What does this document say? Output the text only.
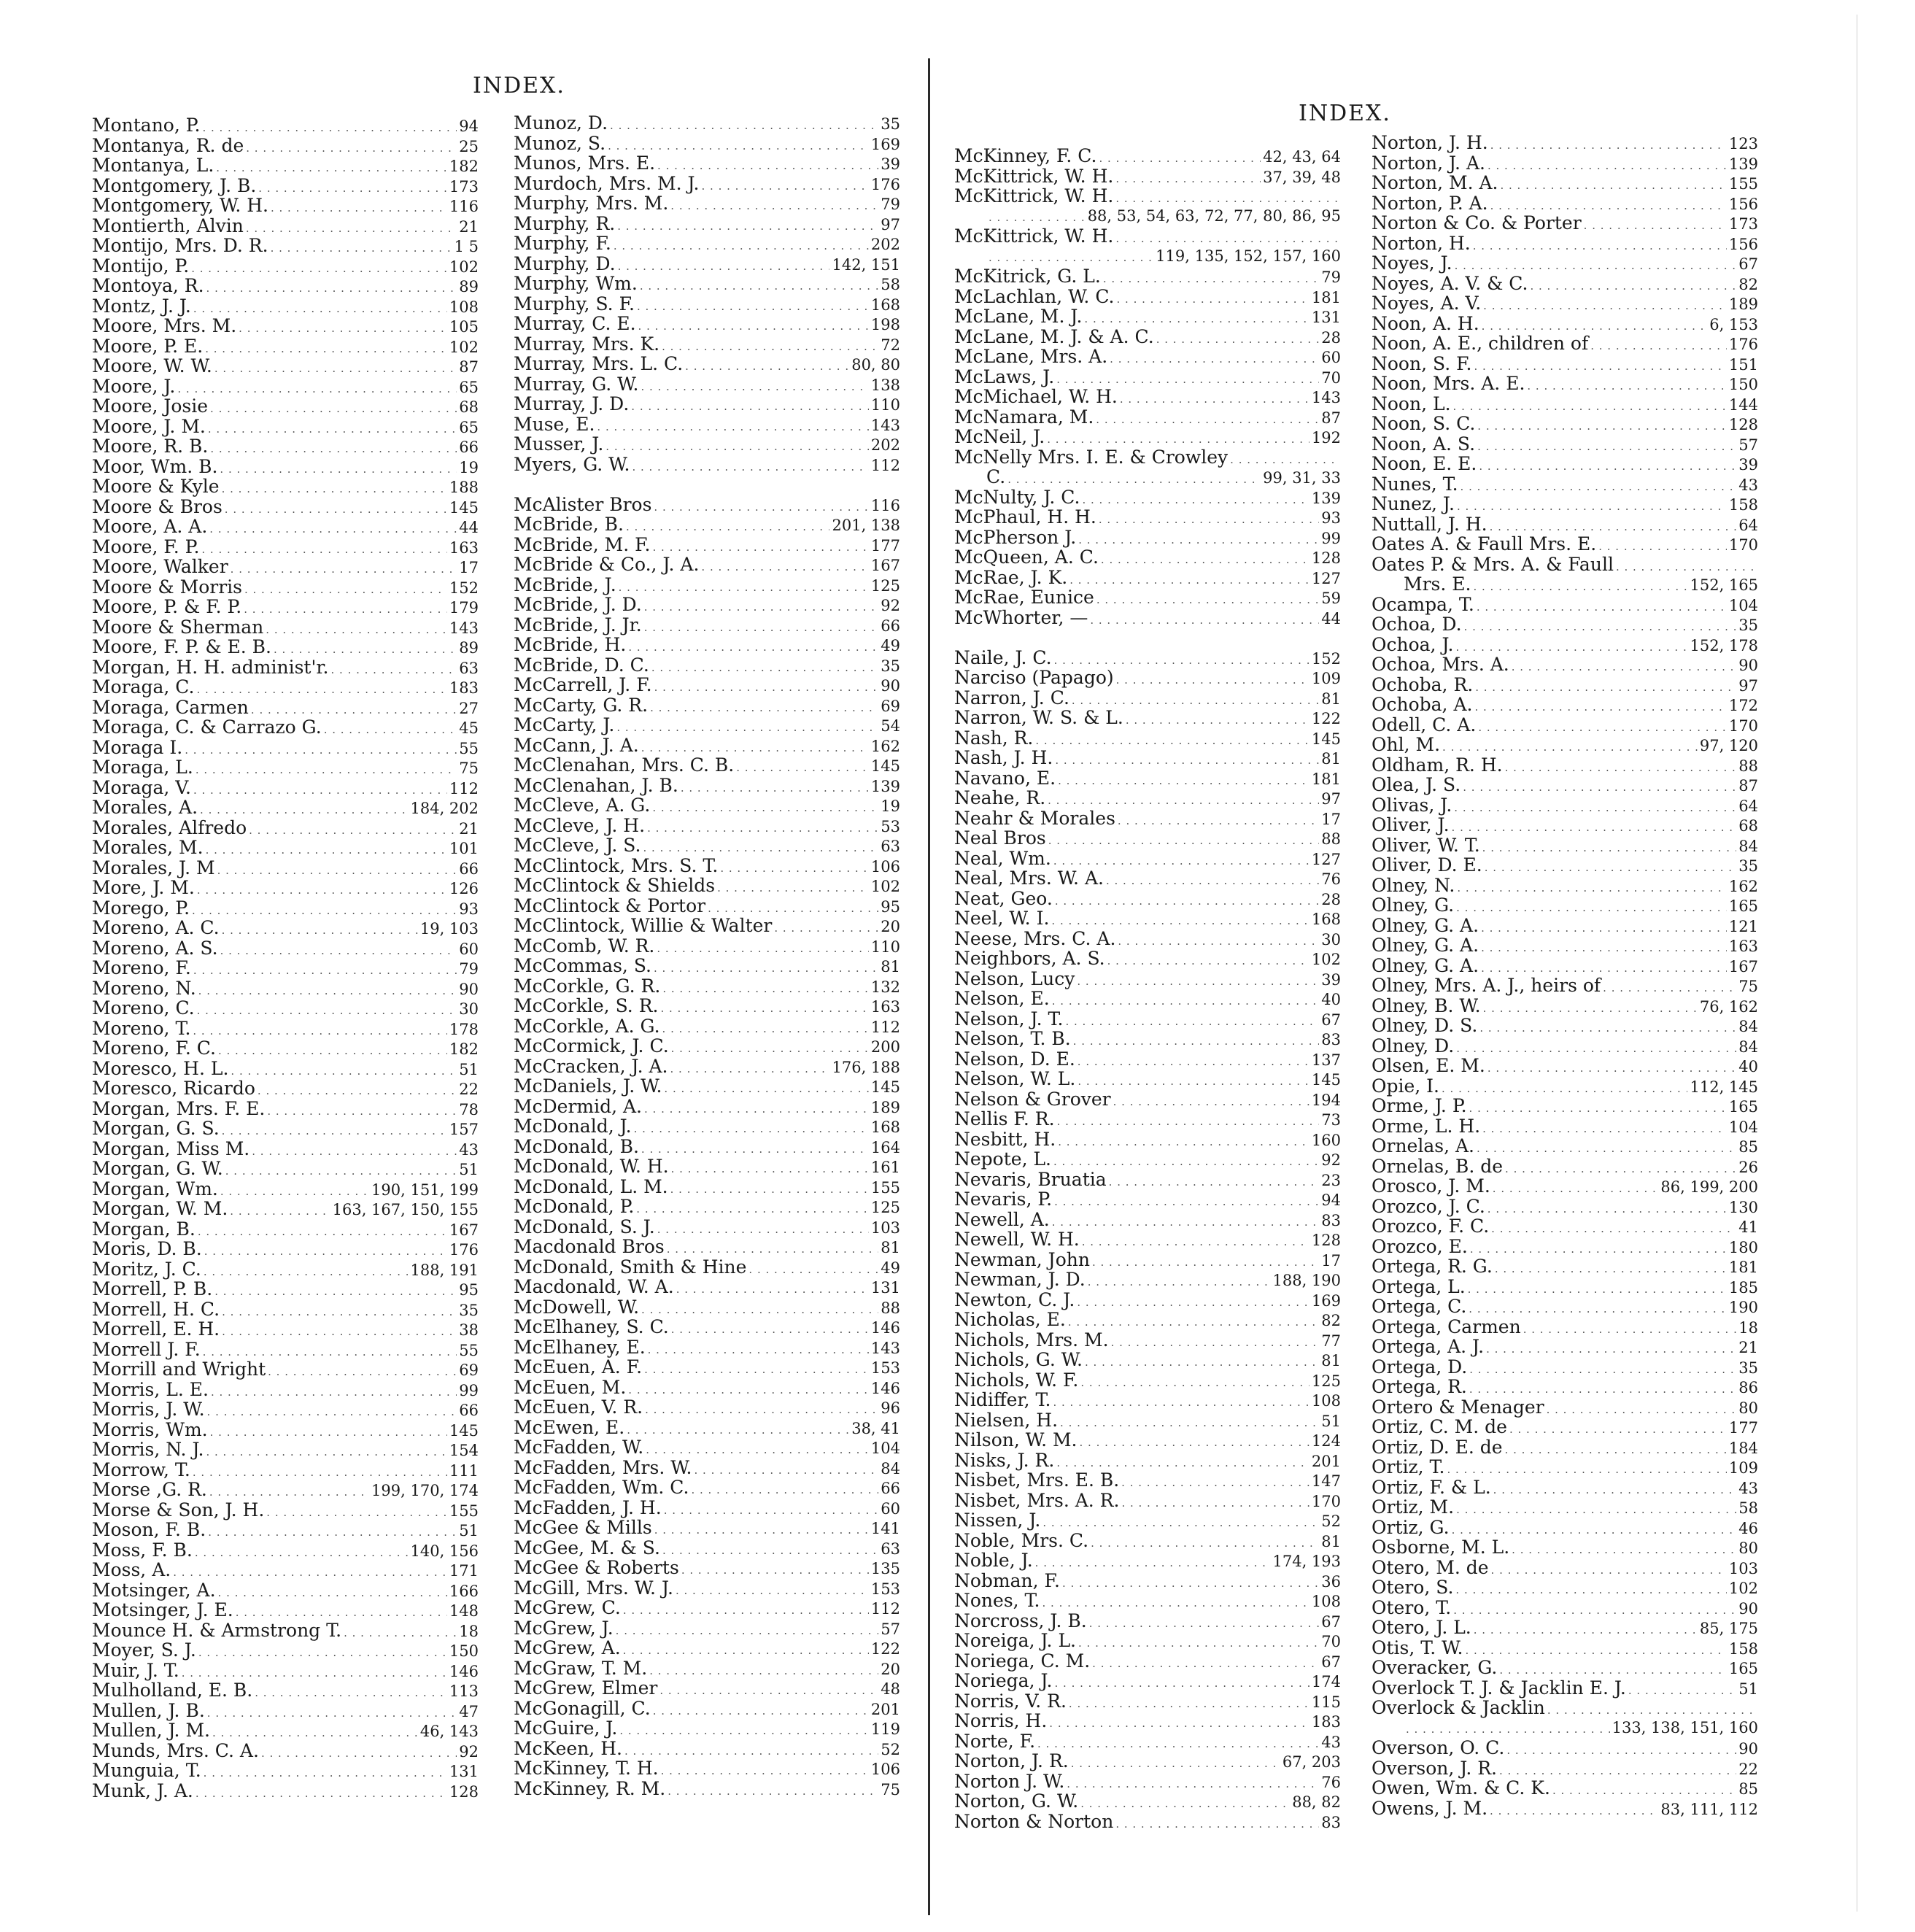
INDEX.
Montano, P. . . .	94
Montanya, R. de . . .	25
Montanya, L. . . .	182
Montgomery, J. B. . . .	173
Montgomery, W. H. . . .	116
Montierth, Alvin . . .	21
Montijo, Mrs. D. R. . . .	1 5
Montijo, P. . . .	102
Montoya, R. . . .	89
Montz, J. J. . . .	108
Moore, Mrs. M. . . .	105
Moore, P. E. . . .	102
Moore, W. W. . . .	87
Moore, J. . . .	65
Moore, Josie . . .	68
Moore, J. M. . . .	65
Moore, R. B. . . .	66
Moor, Wm. B. . . .	19
Moore & Kyle . . .	188
Moore & Bros . . .	145
Moore, A. A. . . .	44
Moore, F. P. . . .	163
Moore, Walker . . .	17
Moore & Morris . . .	152
Moore, P. & F. P. . . .	179
Moore & Sherman . . .	143
Moore, F. P. & E. B. . . .	89
Morgan, H. H. administ'r. . . .	63
Moraga, C. . . .	183
Moraga, Carmen . . .	27
Moraga, C. & Carrazo G. . . .	45
Moraga I. . . .	55
Moraga, L. . . .	75
Moraga, V. . . .	112
Morales, A. . . .	184, 202
Morales, Alfredo . . .	21
Morales, M. . . .	101
Morales, J. M . . .	66
More, J. M. . . .	126
Morego, P. . . .	93
Moreno, A. C. . . .	19, 103
Moreno, A. S. . . .	60
Moreno, F. . . .	79
Moreno, N. . . .	90
Moreno, C. . . .	30
Moreno, T. . . .	178
Moreno, F. C. . . .	182
Moresco, H. L. . . .	51
Moresco, Ricardo . . .	22
Morgan, Mrs. F. E. . . .	78
Morgan, G. S. . . .	157
Morgan, Miss M. . . .	43
Morgan, G. W. . . .	51
Morgan, Wm. . . .	190, 151, 199
Morgan, W. M. . . .	163, 167, 150, 155
Morgan, B. . . .	167
Moris, D. B. . . .	176
Moritz, J. C. . . .	188, 191
Morrell, P. B. . . .	95
Morrell, H. C. . . .	35
Morrell, E. H. . . .	38
Morrell J. F. . . .	55
Morrill and Wright . . .	69
Morris, L. E. . . .	99
Morris, J. W. . . .	66
Morris, Wm. . . .	145
Morris, N. J. . . .	154
Morrow, T. . . .	111
Morse ,G. R. . . .	199, 170, 174
Morse & Son, J. H. . . .	155
Moson, F. B. . . .	51
Moss, F. B. . . .	140, 156
Moss, A. . . .	171
Motsinger, A. . . .	166
Motsinger, J. E. . . .	148
Mounce H. & Armstrong T. . . .	18
Moyer, S. J. . . .	150
Muir, J. T. . . .	146
Mulholland, E. B. . . .	113
Mullen, J. B. . . .	47
Mullen, J. M. . . .	46, 143
Munds, Mrs. C. A. . . .	92
Munguia, T. . . .	131
Munk, J. A. . . .	128
Munoz, D. . . .	35
Munoz, S. . . .	169
Munos, Mrs. E. . . .	39
Murdoch, Mrs. M. J. . . .	176
Murphy, Mrs. M. . . .	79
Murphy, R. . . .	97
Murphy, F. . . .	202
Murphy, D. . . .	142, 151
Murphy, Wm. . . .	58
Murphy, S. F. . . .	168
Murray, C. E. . . .	198
Murray, Mrs. K. . . .	72
Murray, Mrs. L. C. . . .	80, 80
Murray, G. W. . . .	138
Murray, J. D. . . .	110
Muse, E. . . .	143
Musser, J. . . .	202
Myers, G. W. . . .	112
McAlister Bros . . .	116
McBride, B. . . .	201, 138
McBride, M. F. . . .	177
McBride & Co., J. A. . . .	167
McBride, J. . . .	125
McBride, J. D. . . .	92
McBride, J. Jr. . . .	66
McBride, H. . . .	49
McBride, D. C. . . .	35
McCarrell, J. F. . . .	90
McCarty, G. R. . . .	69
McCarty, J. . . .	54
McCann, J. A. . . .	162
McClenahan, Mrs. C. B. . . .	145
McClenahan, J. B. . . .	139
McCleve, A. G. . . .	19
McCleve, J. H. . . .	53
McCleve, J. S. . . .	63
McClintock, Mrs. S. T. . . .	106
McClintock & Shields . . .	102
McClintock & Portor . . .	95
McClintock, Willie & Walter . . .	20
McComb, W. R. . . .	110
McCommas, S. . . .	81
McCorkle, G. R. . . .	132
McCorkle, S. R. . . .	163
McCorkle, A. G. . . .	112
McCormick, J. C. . . .	200
McCracken, J. A. . . .	176, 188
McDaniels, J. W. . . .	145
McDermid, A. . . .	189
McDonald, J. . . .	168
McDonald, B. . . .	164
McDonald, W. H. . . .	161
McDonald, L. M. . . .	155
McDonald, P. . . .	125
McDonald, S. J. . . .	103
Macdonald Bros . . .	81
McDonald, Smith & Hine . . .	49
Macdonald, W. A. . . .	131
McDowell, W. . . .	88
McElhaney, S. C. . . .	146
McElhaney, E. . . .	143
McEuen, A. F. . . .	153
McEuen, M. . . .	146
McEuen, V. R. . . .	96
McEwen, E. . . .	38, 41
McFadden, W. . . .	104
McFadden, Mrs. W. . . .	84
McFadden, Wm. C. . . .	66
McFadden, J. H. . . .	60
McGee & Mills . . .	141
McGee, M. & S. . . .	63
McGee & Roberts . . .	135
McGill, Mrs. W. J. . . .	153
McGrew, C. . . .	112
McGrew, J. . . .	57
McGrew, A. . . .	122
McGraw, T. M. . . .	20
McGrew, Elmer . . .	48
McGonagill, C. . . .	201
McGuire, J. . . .	119
McKeen, H. . . .	52
McKinney, T. H. . . .	106
McKinney, R. M. . . .	75
INDEX.
McKinney, F. C. . . .	42, 43, 64
McKittrick, W. H. . . .	37, 39, 48
McKittrick, W. H.
. . .
. . .
88, 53, 54, 63, 72, 77, 80, 86, 95
McKittrick, W. H.
. . .
. . .
119, 135, 152, 157, 160
McKitrick, G. L. . . .	79
McLachlan, W. C. . . .	181
McLane, M. J. . . .	131
McLane, M. J. & A. C. . . .	28
McLane, Mrs. A. . . .	60
McLaws, J. . . .	70
McMichael, W. H. . . .	143
McNamara, M. . . .	87
McNeil, J. . . .	192
McNelly Mrs. I. E. & Crowley
. . .
C. . . .	99, 31, 33
McNulty, J. C. . . .	139
McPhaul, H. H. . . .	93
McPherson J. . . .	99
McQueen, A. C. . . .	128
McRae, J. K. . . .	127
McRae, Eunice . . .	59
McWhorter, — . . .	44
Naile, J. C. . . .	152
Narciso (Papago) . . .	109
Narron, J. C. . . .	81
Narron, W. S. & L. . . .	122
Nash, R. . . .	145
Nash, J. H. . . .	81
Navano, E. . . .	181
Neahe, R. . . .	97
Neahr & Morales . . .	17
Neal Bros . . .	88
Neal, Wm. . . .	127
Neal, Mrs. W. A. . . .	76
Neat, Geo. . . .	28
Neel, W. I. . . .	168
Neese, Mrs. C. A. . . .	30
Neighbors, A. S. . . .	102
Nelson, Lucy . . .	39
Nelson, E. . . .	40
Nelson, J. T. . . .	67
Nelson, T. B. . . .	83
Nelson, D. E. . . .	137
Nelson, W. L. . . .	145
Nelson & Grover . . .	194
Nellis F. R. . . .	73
Nesbitt, H. . . .	160
Nepote, L. . . .	92
Nevaris, Bruatia . . .	23
Nevaris, P. . . .	94
Newell, A. . . .	83
Newell, W. H. . . .	128
Newman, John . . .	17
Newman, J. D. . . .	188, 190
Newton, C. J. . . .	169
Nicholas, E. . . .	82
Nichols, Mrs. M. . . .	77
Nichols, G. W. . . .	81
Nichols, W. F. . . .	125
Nidiffer, T. . . .	108
Nielsen, H. . . .	51
Nilson, W. M. . . .	124
Nisks, J. R. . . .	201
Nisbet, Mrs. E. B. . . .	147
Nisbet, Mrs. A. R. . . .	170
Nissen, J. . . .	52
Noble, Mrs. C. . . .	81
Noble, J. . . .	174, 193
Nobman, F. . . .	36
Nones, T. . . .	108
Norcross, J. B. . . .	67
Noreiga, J. L. . . .	70
Noriega, C. M. . . .	67
Noriega, J. . . .	174
Norris, V. R. . . .	115
Norris, H. . . .	183
Norte, F. . . .	43
Norton, J. R. . . .	67, 203
Norton J. W. . . .	76
Norton, G. W. . . .	88, 82
Norton & Norton . . .	83
Norton, J. H. . . .	123
Norton, J. A. . . .	139
Norton, M. A. . . .	155
Norton, P. A. . . .	156
Norton & Co. & Porter . . .	173
Norton, H. . . .	156
Noyes, J. . . .	67
Noyes, A. V. & C. . . .	82
Noyes, A. V. . . .	189
Noon, A. H. . . .	6, 153
Noon, A. E., children of . . .	176
Noon, S. F. . . .	151
Noon, Mrs. A. E. . . .	150
Noon, L. . . .	144
Noon, S. C. . . .	128
Noon, A. S. . . .	57
Noon, E. E. . . .	39
Nunes, T. . . .	43
Nunez, J. . . .	158
Nuttall, J. H. . . .	64
Oates A. & Faull Mrs. E. . . .	170
Oates P. & Mrs. A. & Faull
. . .
Mrs. E. . . .	152, 165
Ocampa, T. . . .	104
Ochoa, D. . . .	35
Ochoa, J. . . .	152, 178
Ochoa, Mrs. A. . . .	90
Ochoba, R. . . .	97
Ochoba, A. . . .	172
Odell, C. A. . . .	170
Ohl, M. . . .	97, 120
Oldham, R. H. . . .	88
Olea, J. S. . . .	87
Olivas, J. . . .	64
Oliver, J. . . .	68
Oliver, W. T. . . .	84
Oliver, D. E. . . .	35
Olney, N. . . .	162
Olney, G. . . .	165
Olney, G. A. . . .	121
Olney, G. A. . . .	163
Olney, G. A. . . .	167
Olney, Mrs. A. J., heirs of . . .	75
Olney, B. W. . . .	76, 162
Olney, D. S. . . .	84
Olney, D. . . .	84
Olsen, E. M. . . .	40
Opie, I. . . .	112, 145
Orme, J. P. . . .	165
Orme, L. H. . . .	104
Ornelas, A. . . .	85
Ornelas, B. de . . .	26
Orosco, J. M. . . .	86, 199, 200
Orozco, J. C. . . .	130
Orozco, F. C. . . .	41
Orozco, E. . . .	180
Ortega, R. G. . . .	181
Ortega, L. . . .	185
Ortega, C. . . .	190
Ortega, Carmen . . .	18
Ortega, A. J. . . .	21
Ortega, D. . . .	35
Ortega, R. . . .	86
Ortero & Menager . . .	80
Ortiz, C. M. de . . .	177
Ortiz, D. E. de . . .	184
Ortiz, T. . . .	109
Ortiz, F. & L. . . .	43
Ortiz, M. . . .	58
Ortiz, G. . . .	46
Osborne, M. L. . . .	80
Otero, M. de . . .	103
Otero, S. . . .	102
Otero, T. . . .	90
Otero, J. L. . . .	85, 175
Otis, T. W. . . .	158
Overacker, G. . . .	165
Overlock T. J. & Jacklin E. J. . . .	51
Overlock & Jacklin
. . .
. . .
133, 138, 151, 160
Overson, O. C. . . .	90
Overson, J. R. . . .	22
Owen, Wm. & C. K. . . .	85
Owens, J. M. . . .	83, 111, 112
